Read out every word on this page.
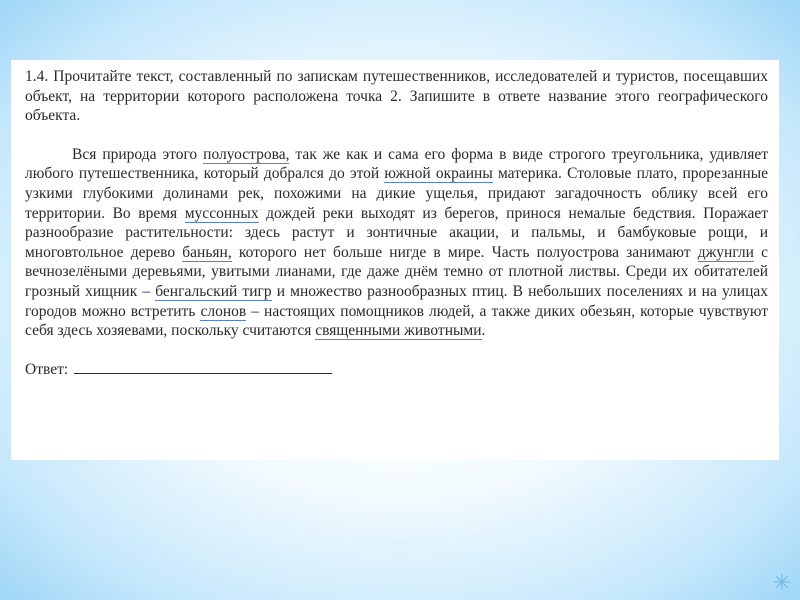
1.4. Прочитайте текст, составленный по запискам путешественников, исследователей и туристов, посещавших объект, на территории которого расположена точка 2. Запишите в ответе название этого географического объекта.

Вся природа этого полуострова, так же как и сама его форма в виде строгого треугольника, удивляет любого путешественника, который добрался до этой южной окраины материка. Столовые плато, прорезанные узкими глубокими долинами рек, похожими на дикие ущелья, придают загадочность облику всей его территории. Во время муссонных дождей реки выходят из берегов, принося немалые бедствия. Поражает разнообразие растительности: здесь растут и зонтичные акации, и пальмы, и бамбуковые рощи, и многовтольное дерево баньян, которого нет больше нигде в мире. Часть полуострова занимают джунгли с вечнозелёными деревьями, увитыми лианами, где даже днём темно от плотной листвы. Среди их обитателей грозный хищник – бенгальский тигр и множество разнообразных птиц. В небольших поселениях и на улицах городов можно встретить слонов – настоящих помощников людей, а также диких обезьян, которые чувствуют себя здесь хозяевами, поскольку считаются священными животными.

Ответ:

✳
